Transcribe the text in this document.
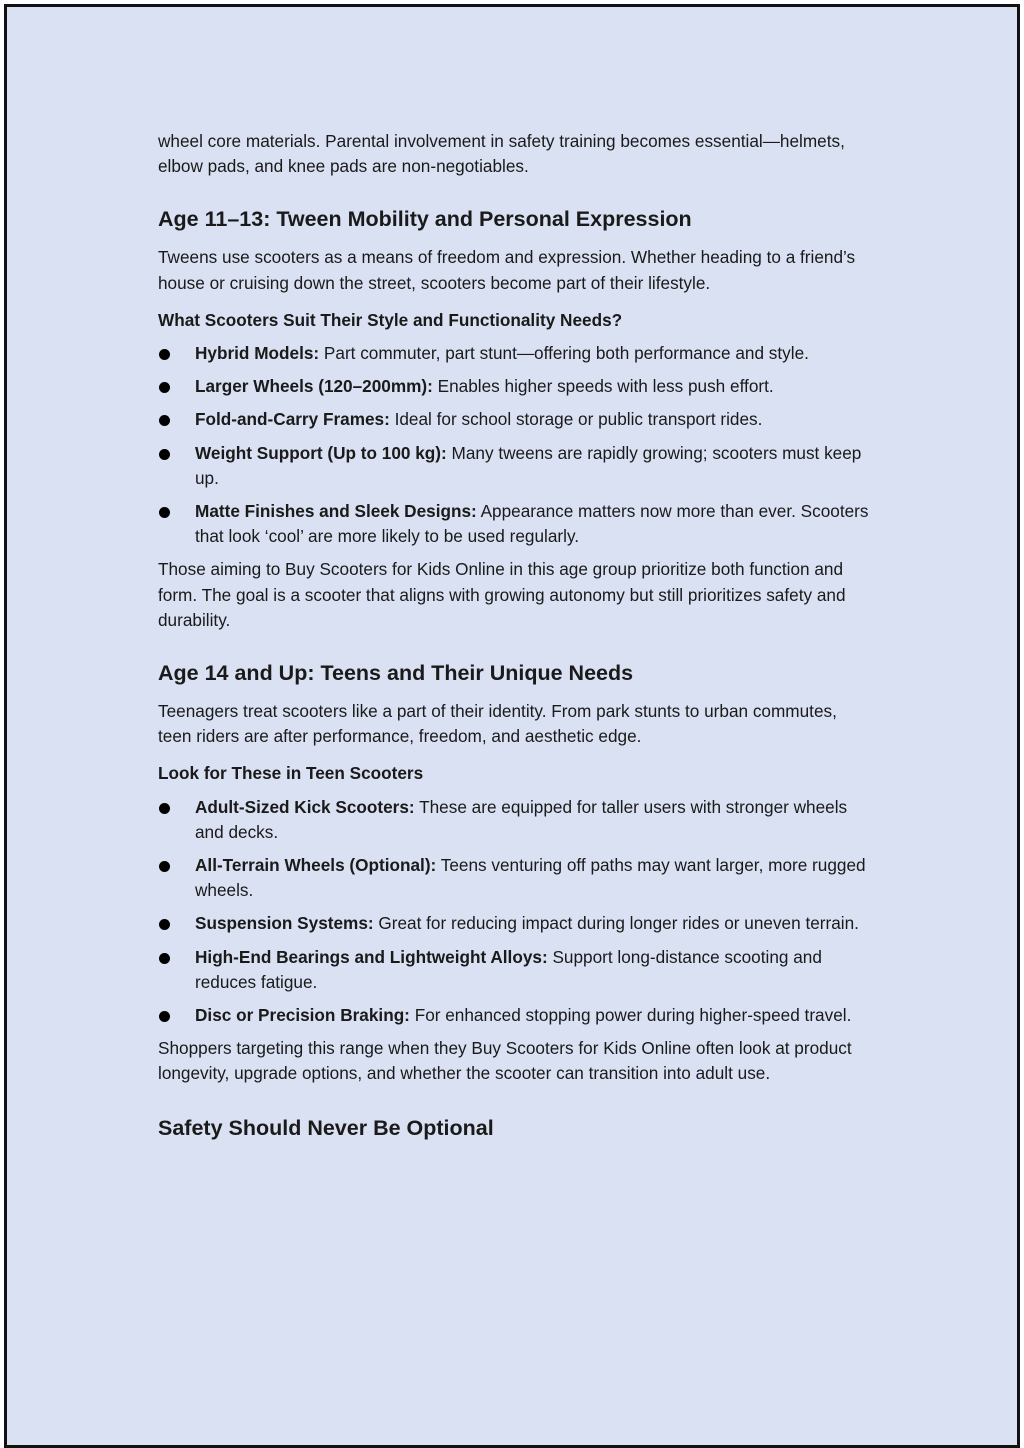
wheel core materials. Parental involvement in safety training becomes essential—helmets, elbow pads, and knee pads are non-negotiables.

Age 11–13: Tween Mobility and Personal Expression

Tweens use scooters as a means of freedom and expression. Whether heading to a friend’s house or cruising down the street, scooters become part of their lifestyle.

What Scooters Suit Their Style and Functionality Needs?

Hybrid Models: Part commuter, part stunt—offering both performance and style.
Larger Wheels (120–200mm): Enables higher speeds with less push effort.
Fold-and-Carry Frames: Ideal for school storage or public transport rides.
Weight Support (Up to 100 kg): Many tweens are rapidly growing; scooters must keep up.
Matte Finishes and Sleek Designs: Appearance matters now more than ever. Scooters that look ‘cool’ are more likely to be used regularly.

Those aiming to Buy Scooters for Kids Online in this age group prioritize both function and form. The goal is a scooter that aligns with growing autonomy but still prioritizes safety and durability.

Age 14 and Up: Teens and Their Unique Needs

Teenagers treat scooters like a part of their identity. From park stunts to urban commutes, teen riders are after performance, freedom, and aesthetic edge.

Look for These in Teen Scooters

Adult-Sized Kick Scooters: These are equipped for taller users with stronger wheels and decks.
All-Terrain Wheels (Optional): Teens venturing off paths may want larger, more rugged wheels.
Suspension Systems: Great for reducing impact during longer rides or uneven terrain.
High-End Bearings and Lightweight Alloys: Support long-distance scooting and reduces fatigue.
Disc or Precision Braking: For enhanced stopping power during higher-speed travel.

Shoppers targeting this range when they Buy Scooters for Kids Online often look at product longevity, upgrade options, and whether the scooter can transition into adult use.

Safety Should Never Be Optional
